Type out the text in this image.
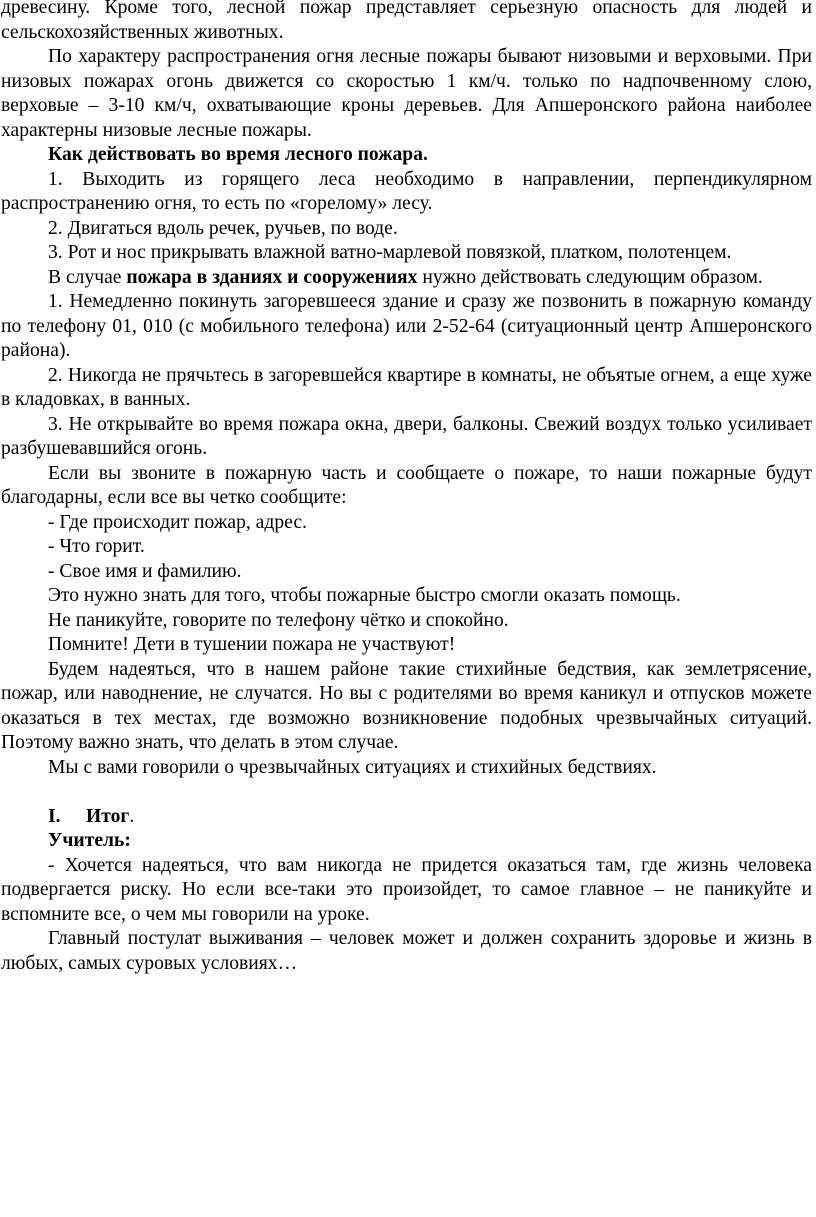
древесину. Кроме того, лесной пожар представляет серьезную опасность для людей и сельскохозяйственных животных.

По характеру распространения огня лесные пожары бывают низовыми и верховыми. При низовых пожарах огонь движется со скоростью 1 км/ч. только по надпочвенному слою, верховые – 3-10 км/ч, охватывающие кроны деревьев. Для Апшеронского района наиболее характерны низовые лесные пожары.

Как действовать во время лесного пожара.

1. Выходить из горящего леса необходимо в направлении, перпендикулярном распространению огня, то есть по «горелому» лесу.

2. Двигаться вдоль речек, ручьев, по воде.

3. Рот и нос прикрывать влажной ватно-марлевой повязкой, платком, полотенцем.

В случае пожара в зданиях и сооружениях нужно действовать следующим образом.

1. Немедленно покинуть загоревшееся здание и сразу же позвонить в пожарную команду по телефону 01, 010 (с мобильного телефона) или 2-52-64 (ситуационный центр Апшеронского района).

2. Никогда не прячьтесь в загоревшейся квартире в комнаты, не объятые огнем, а еще хуже в кладовках, в ванных.

3. Не открывайте во время пожара окна, двери, балконы. Свежий воздух только усиливает разбушевавшийся огонь.

Если вы звоните в пожарную часть и сообщаете о пожаре, то наши пожарные будут благодарны, если все вы четко сообщите:

- Где происходит пожар, адрес.

- Что горит.

- Свое имя и фамилию.

Это нужно знать для того, чтобы пожарные быстро смогли оказать помощь.

Не паникуйте, говорите по телефону чётко и спокойно.

Помните! Дети в тушении пожара не участвуют!

Будем надеяться, что в нашем районе такие стихийные бедствия, как землетрясение, пожар, или наводнение, не случатся. Но вы с родителями во время каникул и отпусков можете оказаться в тех местах, где возможно возникновение подобных чрезвычайных ситуаций. Поэтому важно знать, что делать в этом случае.

Мы с вами говорили о чрезвычайных ситуациях и стихийных бедствиях.

I. Итог.

Учитель:

- Хочется надеяться, что вам никогда не придется оказаться там, где жизнь человека подвергается риску. Но если все-таки это произойдет, то самое главное – не паникуйте и вспомните все, о чем мы говорили на уроке.

Главный постулат выживания – человек может и должен сохранить здоровье и жизнь в любых, самых суровых условиях…
